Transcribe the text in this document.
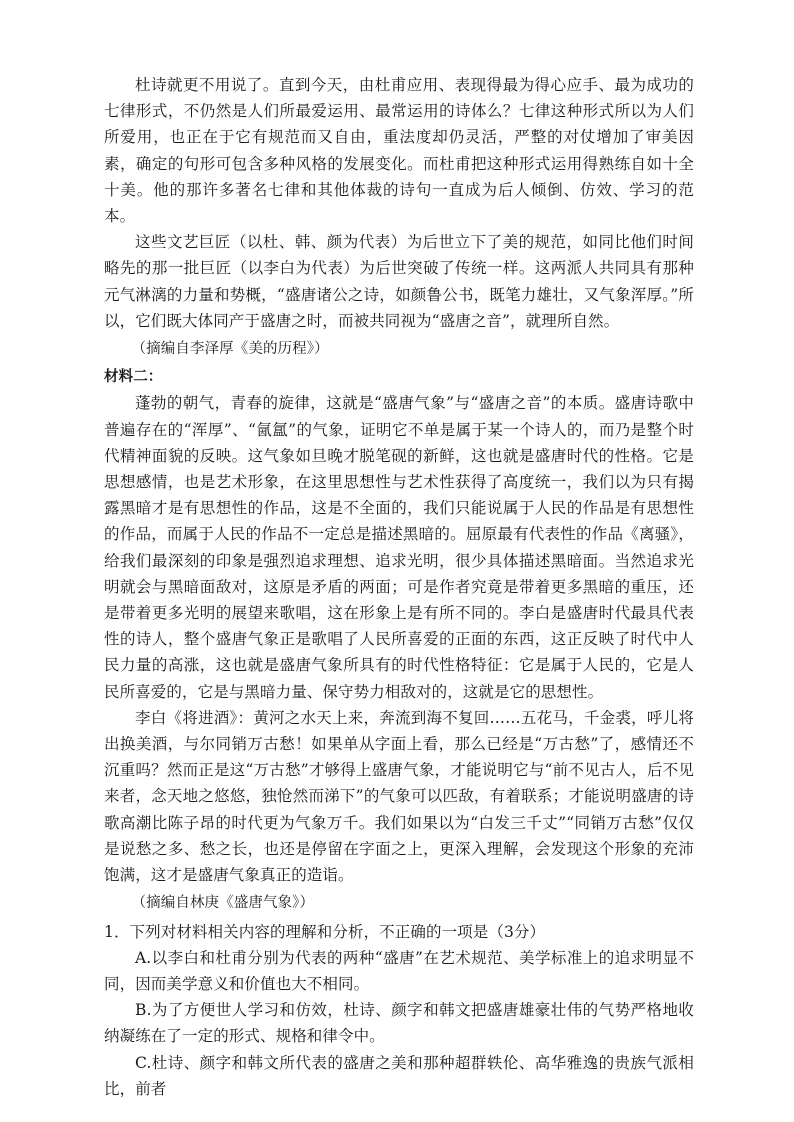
杜诗就更不用说了。直到今天，由杜甫应用、表现得最为得心应手、最为成功的七律形式，不仍然是人们所最爱运用、最常运用的诗体么？七律这种形式所以为人们所爱用，也正在于它有规范而又自由，重法度却仍灵活，严整的对仗增加了审美因素，确定的句形可包含多种风格的发展变化。而杜甫把这种形式运用得熟练自如十全十美。他的那许多著名七律和其他体裁的诗句一直成为后人倾倒、仿效、学习的范本。

这些文艺巨匠（以杜、韩、颜为代表）为后世立下了美的规范，如同比他们时间略先的那一批巨匠（以李白为代表）为后世突破了传统一样。这两派人共同具有那种元气淋漓的力量和势概，“盛唐诸公之诗，如颜鲁公书，既笔力雄壮，又气象浑厚。”所以，它们既大体同产于盛唐之时，而被共同视为“盛唐之音”，就理所自然。

（摘编自李泽厚《美的历程》）

材料二：

蓬勃的朝气，青春的旋律，这就是“盛唐气象”与“盛唐之音”的本质。盛唐诗歌中普遍存在的“浑厚”、“氤氲”的气象，证明它不单是属于某一个诗人的，而乃是整个时代精神面貌的反映。这气象如旦晚才脱笔砚的新鲜，这也就是盛唐时代的性格。它是思想感情，也是艺术形象，在这里思想性与艺术性获得了高度统一，我们以为只有揭露黑暗才是有思想性的作品，这是不全面的，我们只能说属于人民的作品是有思想性的作品，而属于人民的作品不一定总是描述黑暗的。屈原最有代表性的作品《离骚》，给我们最深刻的印象是强烈追求理想、追求光明，很少具体描述黑暗面。当然追求光明就会与黑暗面敌对，这原是矛盾的两面；可是作者究竟是带着更多黑暗的重压，还是带着更多光明的展望来歌唱，这在形象上是有所不同的。李白是盛唐时代最具代表性的诗人，整个盛唐气象正是歌唱了人民所喜爱的正面的东西，这正反映了时代中人民力量的高涨，这也就是盛唐气象所具有的时代性格特征：它是属于人民的，它是人民所喜爱的，它是与黑暗力量、保守势力相敌对的，这就是它的思想性。

李白《将进酒》：黄河之水天上来，奔流到海不复回……五花马，千金裘，呼儿将出换美酒，与尔同销万古愁！如果单从字面上看，那么已经是“万古愁”了，感情还不沉重吗？然而正是这“万古愁”才够得上盛唐气象，才能说明它与“前不见古人，后不见来者，念天地之悠悠，独怆然而涕下”的气象可以匹敌，有着联系；才能说明盛唐的诗歌高潮比陈子昂的时代更为气象万千。我们如果以为“白发三千丈”“同销万古愁”仅仅是说愁之多、愁之长，也还是停留在字面之上，更深入理解，会发现这个形象的充沛饱满，这才是盛唐气象真正的造诣。

（摘编自林庚《盛唐气象》）

1．下列对材料相关内容的理解和分析，不正确的一项是（3分）

A.以李白和杜甫分别为代表的两种“盛唐”在艺术规范、美学标准上的追求明显不同，因而美学意义和价值也大不相同。

B.为了方便世人学习和仿效，杜诗、颜字和韩文把盛唐雄豪壮伟的气势严格地收纳凝练在了一定的形式、规格和律令中。

C.杜诗、颜字和韩文所代表的盛唐之美和那种超群轶伦、高华雅逸的贵族气派相比，前者
